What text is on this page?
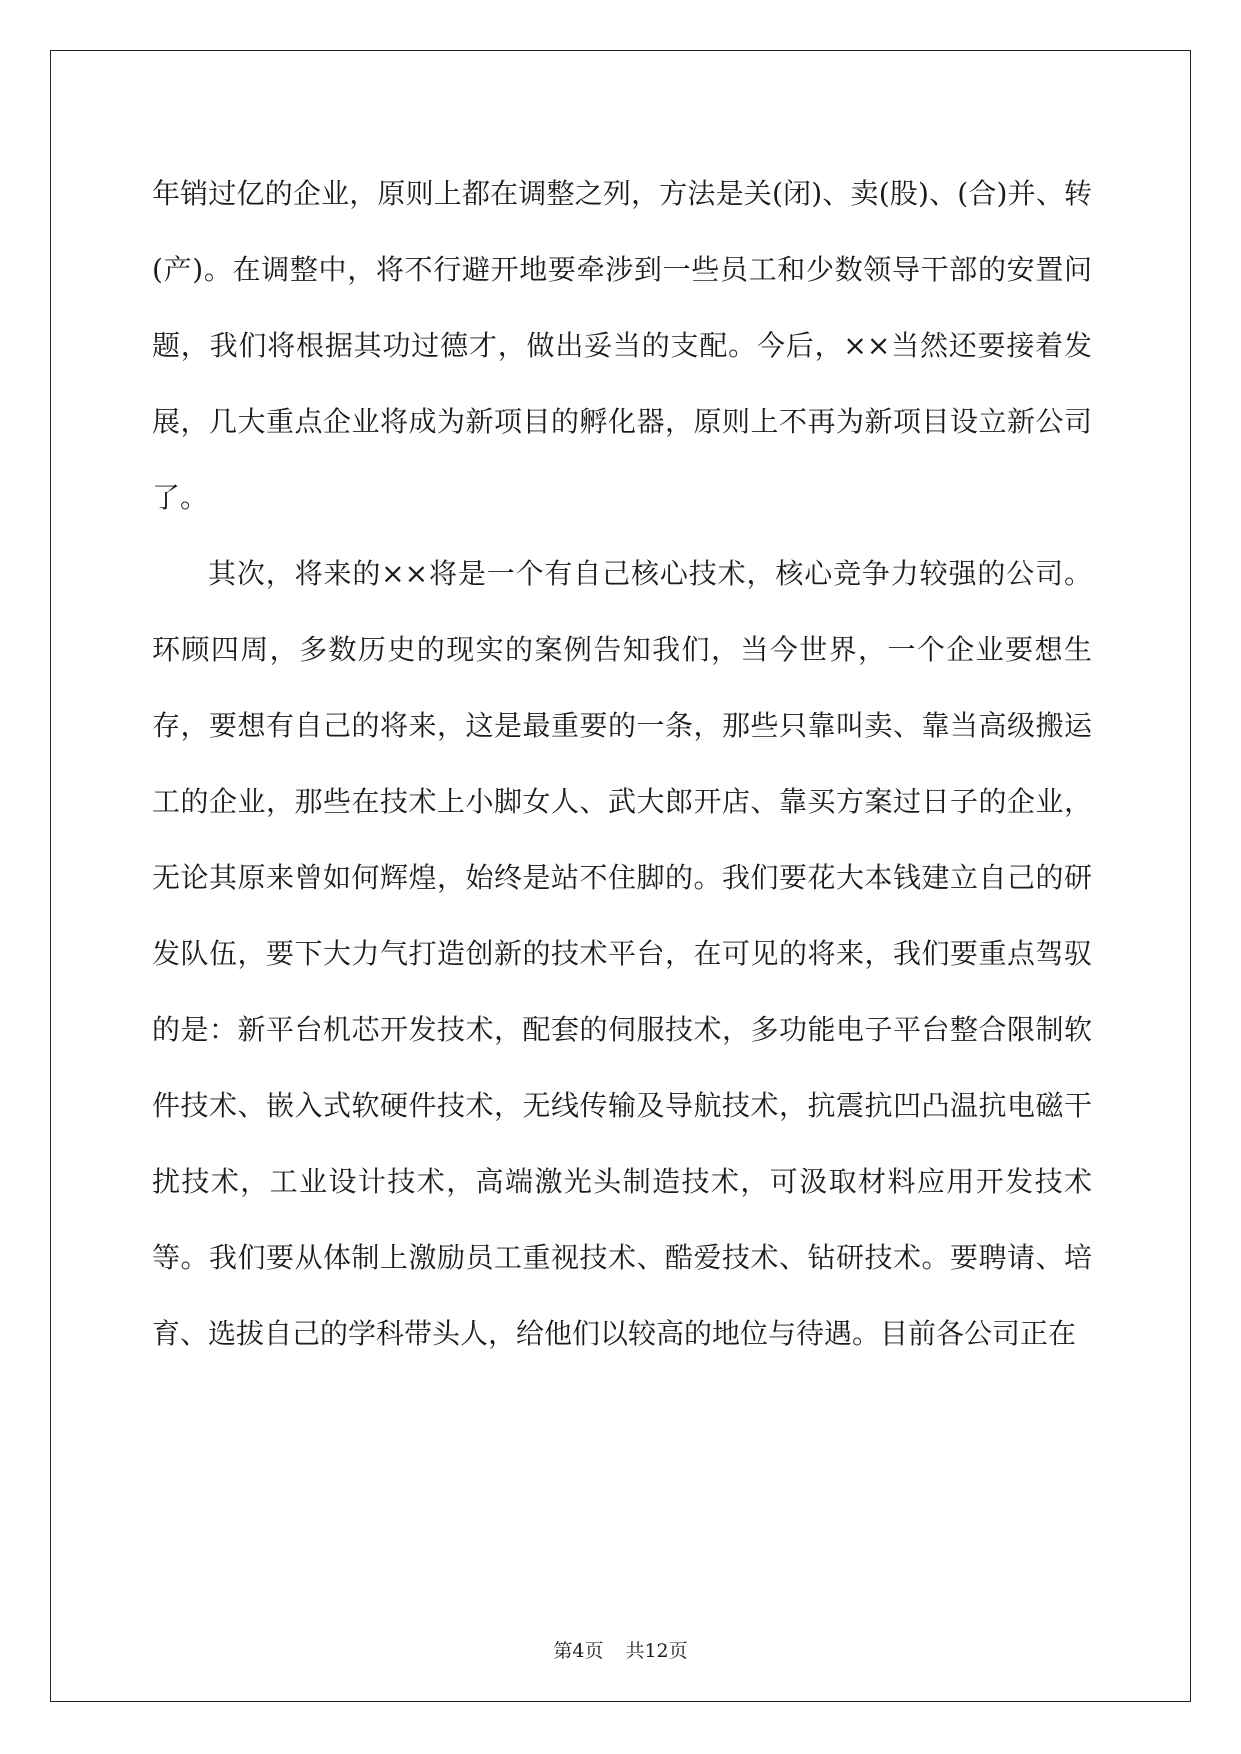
年销过亿的企业，原则上都在调整之列，方法是关(闭)、卖(股)、(合)并、转(产)。在调整中，将不行避开地要牵涉到一些员工和少数领导干部的安置问题，我们将根据其功过德才，做出妥当的支配。今后，××当然还要接着发展，几大重点企业将成为新项目的孵化器，原则上不再为新项目设立新公司了。

其次，将来的××将是一个有自己核心技术，核心竞争力较强的公司。环顾四周，多数历史的现实的案例告知我们，当今世界，一个企业要想生存，要想有自己的将来，这是最重要的一条，那些只靠叫卖、靠当高级搬运工的企业，那些在技术上小脚女人、武大郎开店、靠买方案过日子的企业，无论其原来曾如何辉煌，始终是站不住脚的。我们要花大本钱建立自己的研发队伍，要下大力气打造创新的技术平台，在可见的将来，我们要重点驾驭的是：新平台机芯开发技术，配套的伺服技术，多功能电子平台整合限制软件技术、嵌入式软硬件技术，无线传输及导航技术，抗震抗凹凸温抗电磁干扰技术，工业设计技术，高端激光头制造技术，可汲取材料应用开发技术等。我们要从体制上激励员工重视技术、酷爱技术、钻研技术。要聘请、培育、选拔自己的学科带头人，给他们以较高的地位与待遇。目前各公司正在

第4页 共12页
